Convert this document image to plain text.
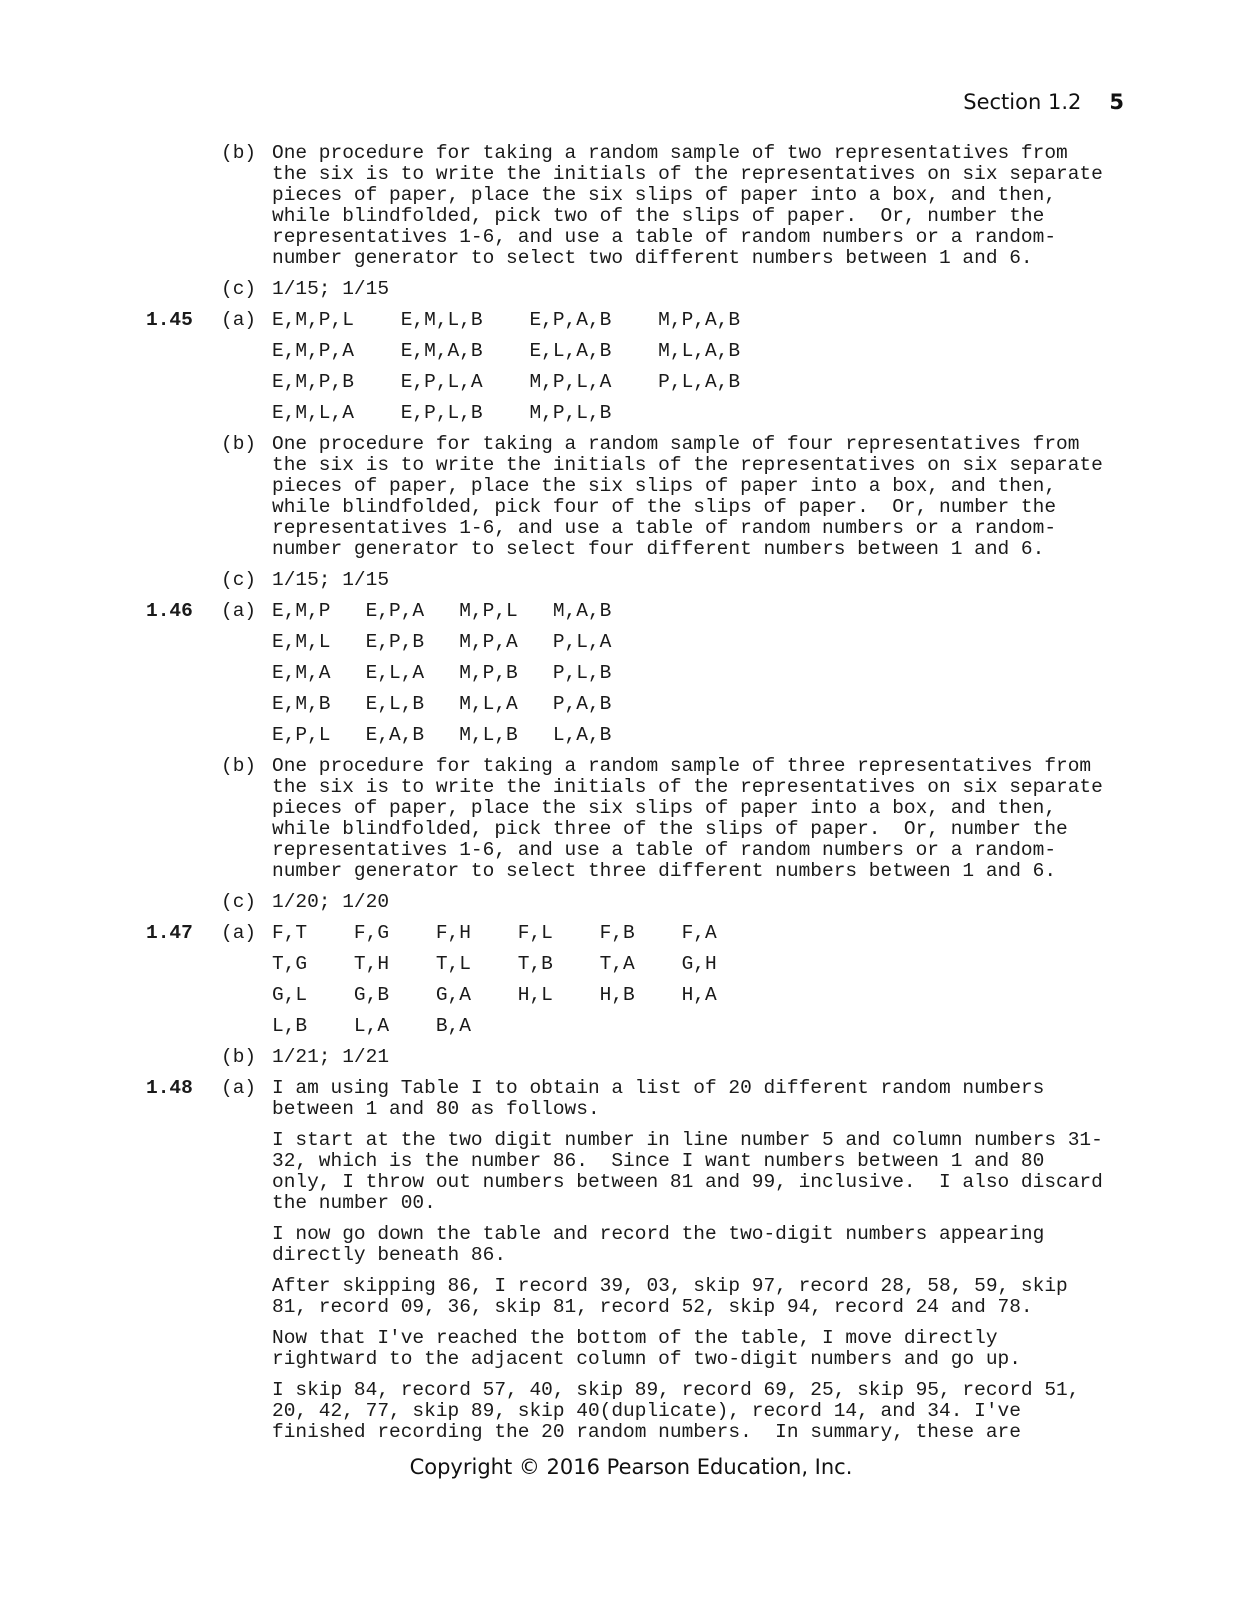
Section 1.2 5
(b) One procedure for taking a random sample of two representatives from
the six is to write the initials of the representatives on six separate
pieces of paper, place the six slips of paper into a box, and then,
while blindfolded, pick two of the slips of paper.  Or, number the
representatives 1-6, and use a table of random numbers or a random-
number generator to select two different numbers between 1 and 6.
(c) 1/15; 1/15
1.45 (a) E,M,P,L    E,M,L,B    E,P,A,B    M,P,A,B
E,M,P,A    E,M,A,B    E,L,A,B    M,L,A,B
E,M,P,B    E,P,L,A    M,P,L,A    P,L,A,B
E,M,L,A    E,P,L,B    M,P,L,B
(b) One procedure for taking a random sample of four representatives from
the six is to write the initials of the representatives on six separate
pieces of paper, place the six slips of paper into a box, and then,
while blindfolded, pick four of the slips of paper.  Or, number the
representatives 1-6, and use a table of random numbers or a random-
number generator to select four different numbers between 1 and 6.
(c) 1/15; 1/15
1.46 (a) E,M,P   E,P,A   M,P,L   M,A,B
E,M,L   E,P,B   M,P,A   P,L,A
E,M,A   E,L,A   M,P,B   P,L,B
E,M,B   E,L,B   M,L,A   P,A,B
E,P,L   E,A,B   M,L,B   L,A,B
(b) One procedure for taking a random sample of three representatives from
the six is to write the initials of the representatives on six separate
pieces of paper, place the six slips of paper into a box, and then,
while blindfolded, pick three of the slips of paper.  Or, number the
representatives 1-6, and use a table of random numbers or a random-
number generator to select three different numbers between 1 and 6.
(c) 1/20; 1/20
1.47 (a) F,T    F,G    F,H    F,L    F,B    F,A
T,G    T,H    T,L    T,B    T,A    G,H
G,L    G,B    G,A    H,L    H,B    H,A
L,B    L,A    B,A
(b) 1/21; 1/21
1.48 (a) I am using Table I to obtain a list of 20 different random numbers
between 1 and 80 as follows.
I start at the two digit number in line number 5 and column numbers 31-
32, which is the number 86.  Since I want numbers between 1 and 80
only, I throw out numbers between 81 and 99, inclusive.  I also discard
the number 00.
I now go down the table and record the two-digit numbers appearing
directly beneath 86.
After skipping 86, I record 39, 03, skip 97, record 28, 58, 59, skip
81, record 09, 36, skip 81, record 52, skip 94, record 24 and 78.
Now that I've reached the bottom of the table, I move directly
rightward to the adjacent column of two-digit numbers and go up.
I skip 84, record 57, 40, skip 89, record 69, 25, skip 95, record 51,
20, 42, 77, skip 89, skip 40(duplicate), record 14, and 34. I've
finished recording the 20 random numbers.  In summary, these are
Copyright © 2016 Pearson Education, Inc.
